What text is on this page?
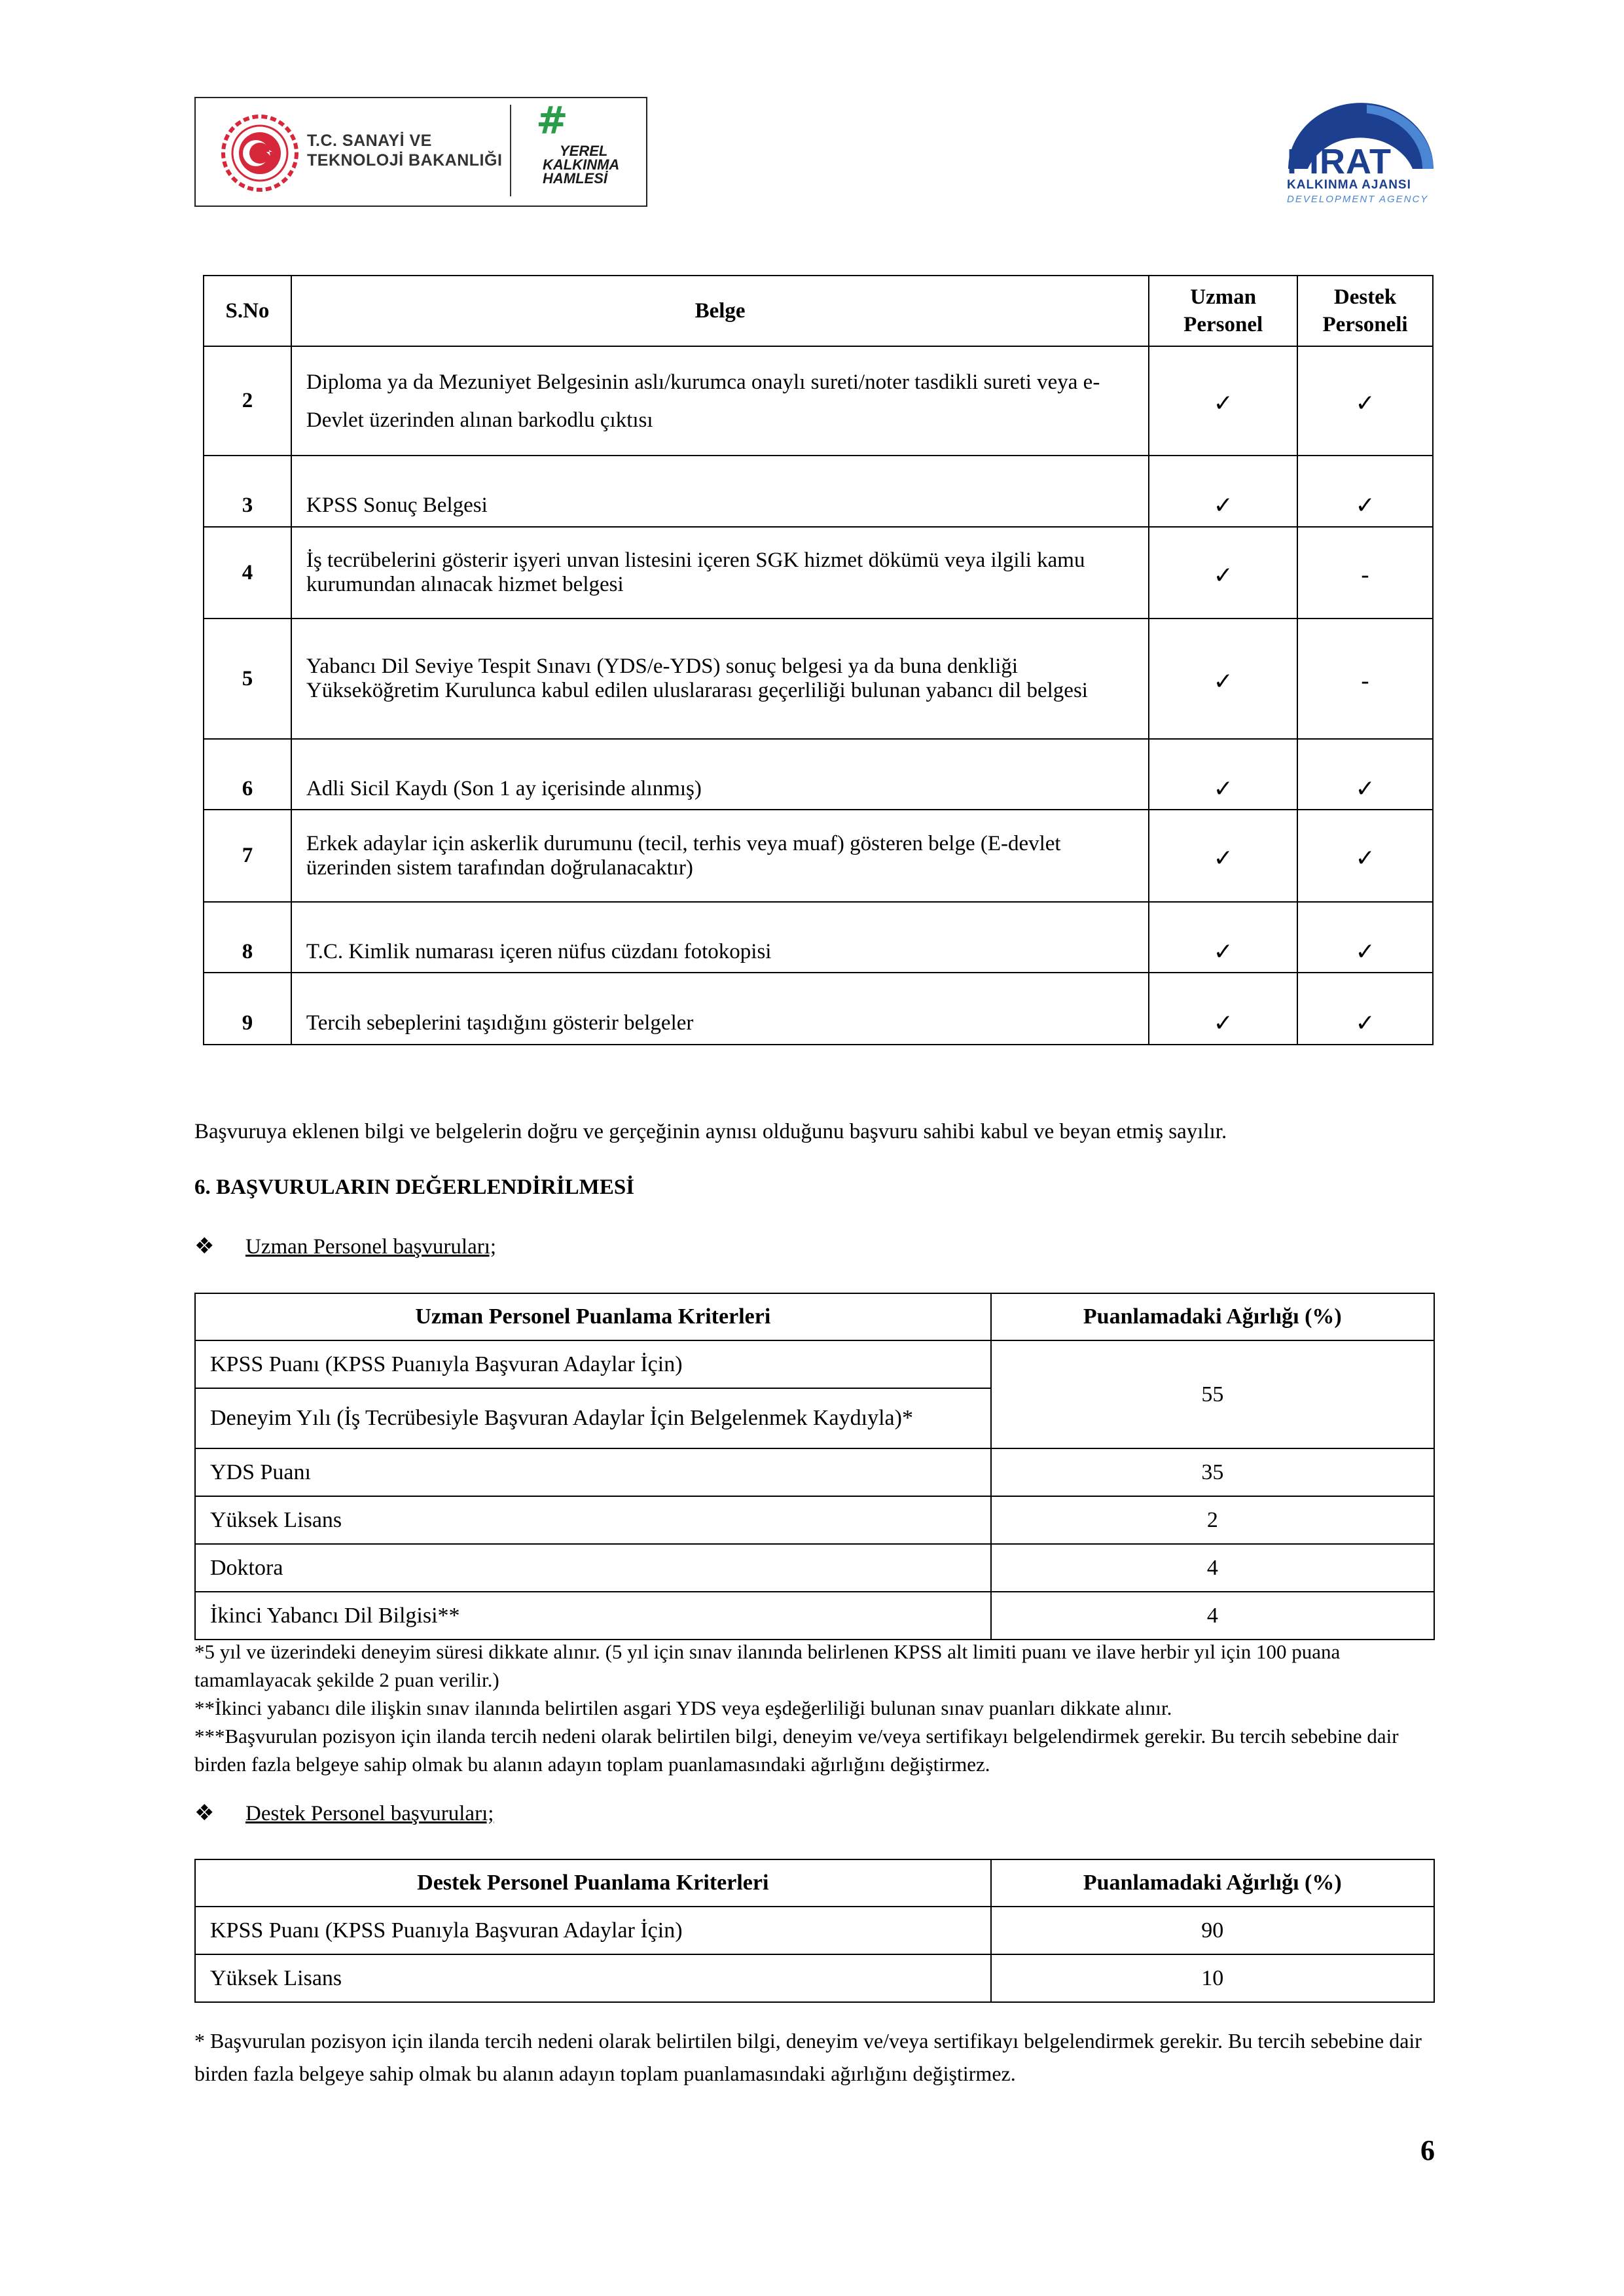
T.C. SANAYİ VE
TEKNOLOJİ BAKANLIĞI
#
YEREL
KALKINMA
HAMLESİ	FIRAT
KALKINMA AJANSI
DEVELOPMENT AGENCY
S.No	Belge	Uzman Personel	Destek Personeli
2	Diploma ya da Mezuniyet Belgesinin aslı/kurumca onaylı sureti/noter tasdikli sureti veya e-Devlet üzerinden alınan barkodlu çıktısı	✓	✓
3	KPSS Sonuç Belgesi	✓	✓
4	İş tecrübelerini gösterir işyeri unvan listesini içeren SGK hizmet dökümü veya ilgili kamu kurumundan alınacak hizmet belgesi	✓	-
5	Yabancı Dil Seviye Tespit Sınavı (YDS/e-YDS) sonuç belgesi ya da buna denkliği Yükseköğretim Kurulunca kabul edilen uluslararası geçerliliği bulunan yabancı dil belgesi	✓	-
6	Adli Sicil Kaydı (Son 1 ay içerisinde alınmış)	✓	✓
7	Erkek adaylar için askerlik durumunu (tecil, terhis veya muaf) gösteren belge (E-devlet üzerinden sistem tarafından doğrulanacaktır)	✓	✓
8	T.C. Kimlik numarası içeren nüfus cüzdanı fotokopisi	✓	✓
9	Tercih sebeplerini taşıdığını gösterir belgeler	✓	✓
Başvuruya eklenen bilgi ve belgelerin doğru ve gerçeğinin aynısı olduğunu başvuru sahibi kabul ve beyan etmiş sayılır.
6. BAŞVURULARIN DEĞERLENDİRİLMESİ
❖ Uzman Personel başvuruları;
Uzman Personel Puanlama Kriterleri	Puanlamadaki Ağırlığı (%)
KPSS Puanı (KPSS Puanıyla Başvuran Adaylar İçin)	55
Deneyim Yılı (İş Tecrübesiyle Başvuran Adaylar İçin Belgelenmek Kaydıyla)*	
YDS Puanı	35
Yüksek Lisans	2
Doktora	4
İkinci Yabancı Dil Bilgisi**	4
*5 yıl ve üzerindeki deneyim süresi dikkate alınır. (5 yıl için sınav ilanında belirlenen KPSS alt limiti puanı ve ilave herbir yıl için 100 puana tamamlayacak şekilde 2 puan verilir.)
**İkinci yabancı dile ilişkin sınav ilanında belirtilen asgari YDS veya eşdeğerliliği bulunan sınav puanları dikkate alınır.
***Başvurulan pozisyon için ilanda tercih nedeni olarak belirtilen bilgi, deneyim ve/veya sertifikayı belgelendirmek gerekir. Bu tercih sebebine dair birden fazla belgeye sahip olmak bu alanın adayın toplam puanlamasındaki ağırlığını değiştirmez.
❖ Destek Personel başvuruları;
Destek Personel Puanlama Kriterleri	Puanlamadaki Ağırlığı (%)
KPSS Puanı (KPSS Puanıyla Başvuran Adaylar İçin)	90
Yüksek Lisans	10
* Başvurulan pozisyon için ilanda tercih nedeni olarak belirtilen bilgi, deneyim ve/veya sertifikayı belgelendirmek gerekir. Bu tercih sebebine dair birden fazla belgeye sahip olmak bu alanın adayın toplam puanlamasındaki ağırlığını değiştirmez.
6
